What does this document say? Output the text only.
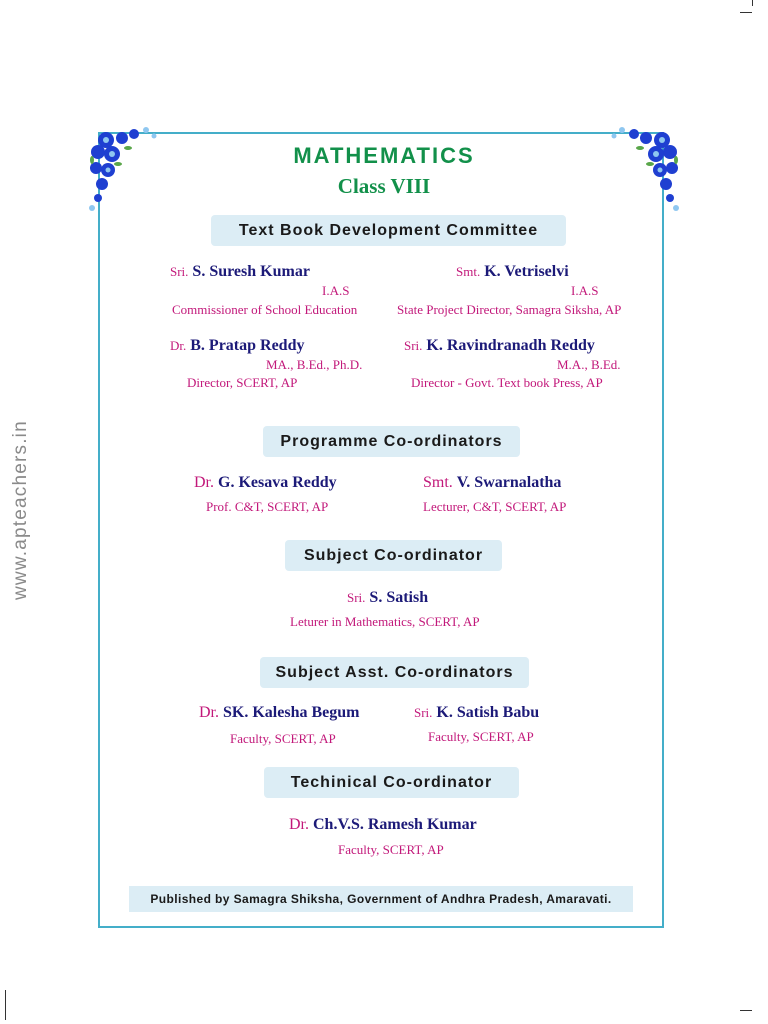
www.apteachers.in
MATHEMATICS
Class VIII
Text Book Development Committee
Sri. S. Suresh Kumar
I.A.S
Commissioner of School Education
Smt. K. Vetriselvi
I.A.S
State Project Director, Samagra Siksha, AP
Dr. B. Pratap Reddy
MA., B.Ed., Ph.D.
Director, SCERT, AP
Sri. K. Ravindranadh Reddy
M.A., B.Ed.
Director - Govt. Text book Press, AP
Programme Co-ordinators
Dr. G. Kesava Reddy
Prof. C&T, SCERT, AP
Smt. V. Swarnalatha
Lecturer, C&T, SCERT, AP
Subject Co-ordinator
Sri. S. Satish
Leturer in Mathematics, SCERT, AP
Subject Asst. Co-ordinators
Dr. SK. Kalesha Begum
Faculty, SCERT, AP
Sri. K. Satish Babu
Faculty, SCERT, AP
Techinical Co-ordinator
Dr. Ch.V.S. Ramesh Kumar
Faculty, SCERT, AP
Published by Samagra Shiksha, Government of Andhra Pradesh, Amaravati.
